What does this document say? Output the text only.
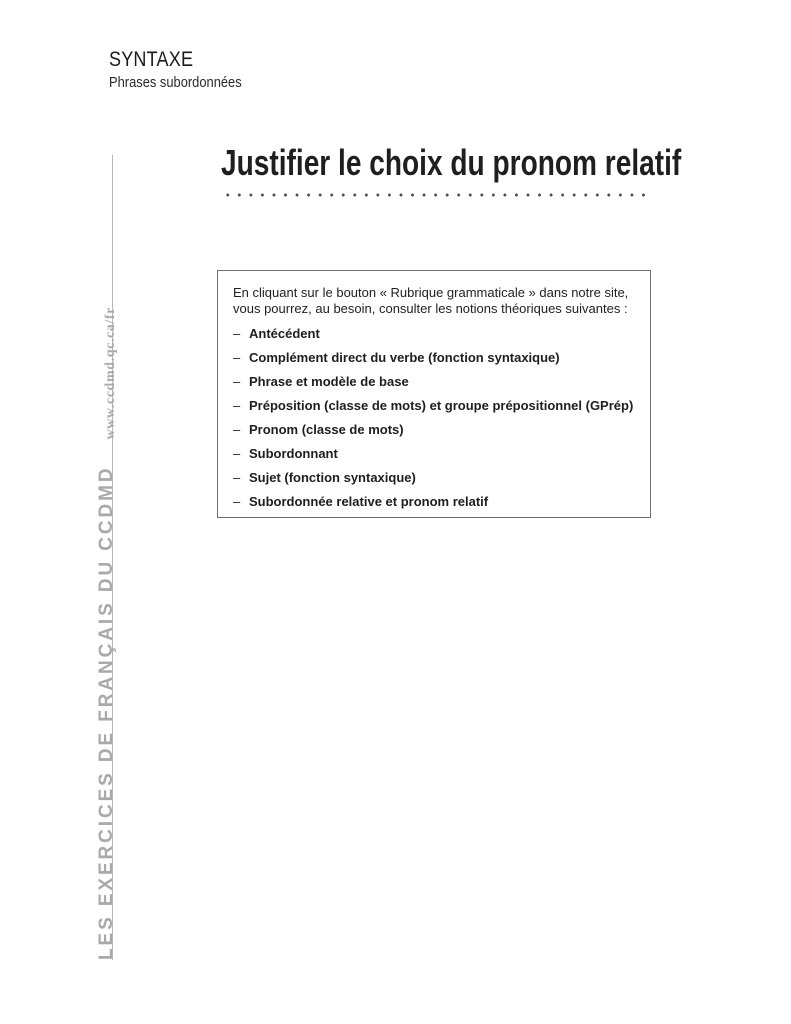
SYNTAXE
Phrases subordonnées
LES EXERCICES DE FRANÇAIS DU CCDMD
www.ccdmd.qc.ca/fr
Justifier le choix du pronom relatif

En cliquant sur le bouton « Rubrique grammaticale » dans notre site,

vous pourrez, au besoin, consulter les notions théoriques suivantes :

– Antécédent
– Complément direct du verbe (fonction syntaxique)
– Phrase et modèle de base
– Préposition (classe de mots) et groupe prépositionnel (GPrép)
– Pronom (classe de mots)
– Subordonnant
– Sujet (fonction syntaxique)
– Subordonnée relative et pronom relatif
